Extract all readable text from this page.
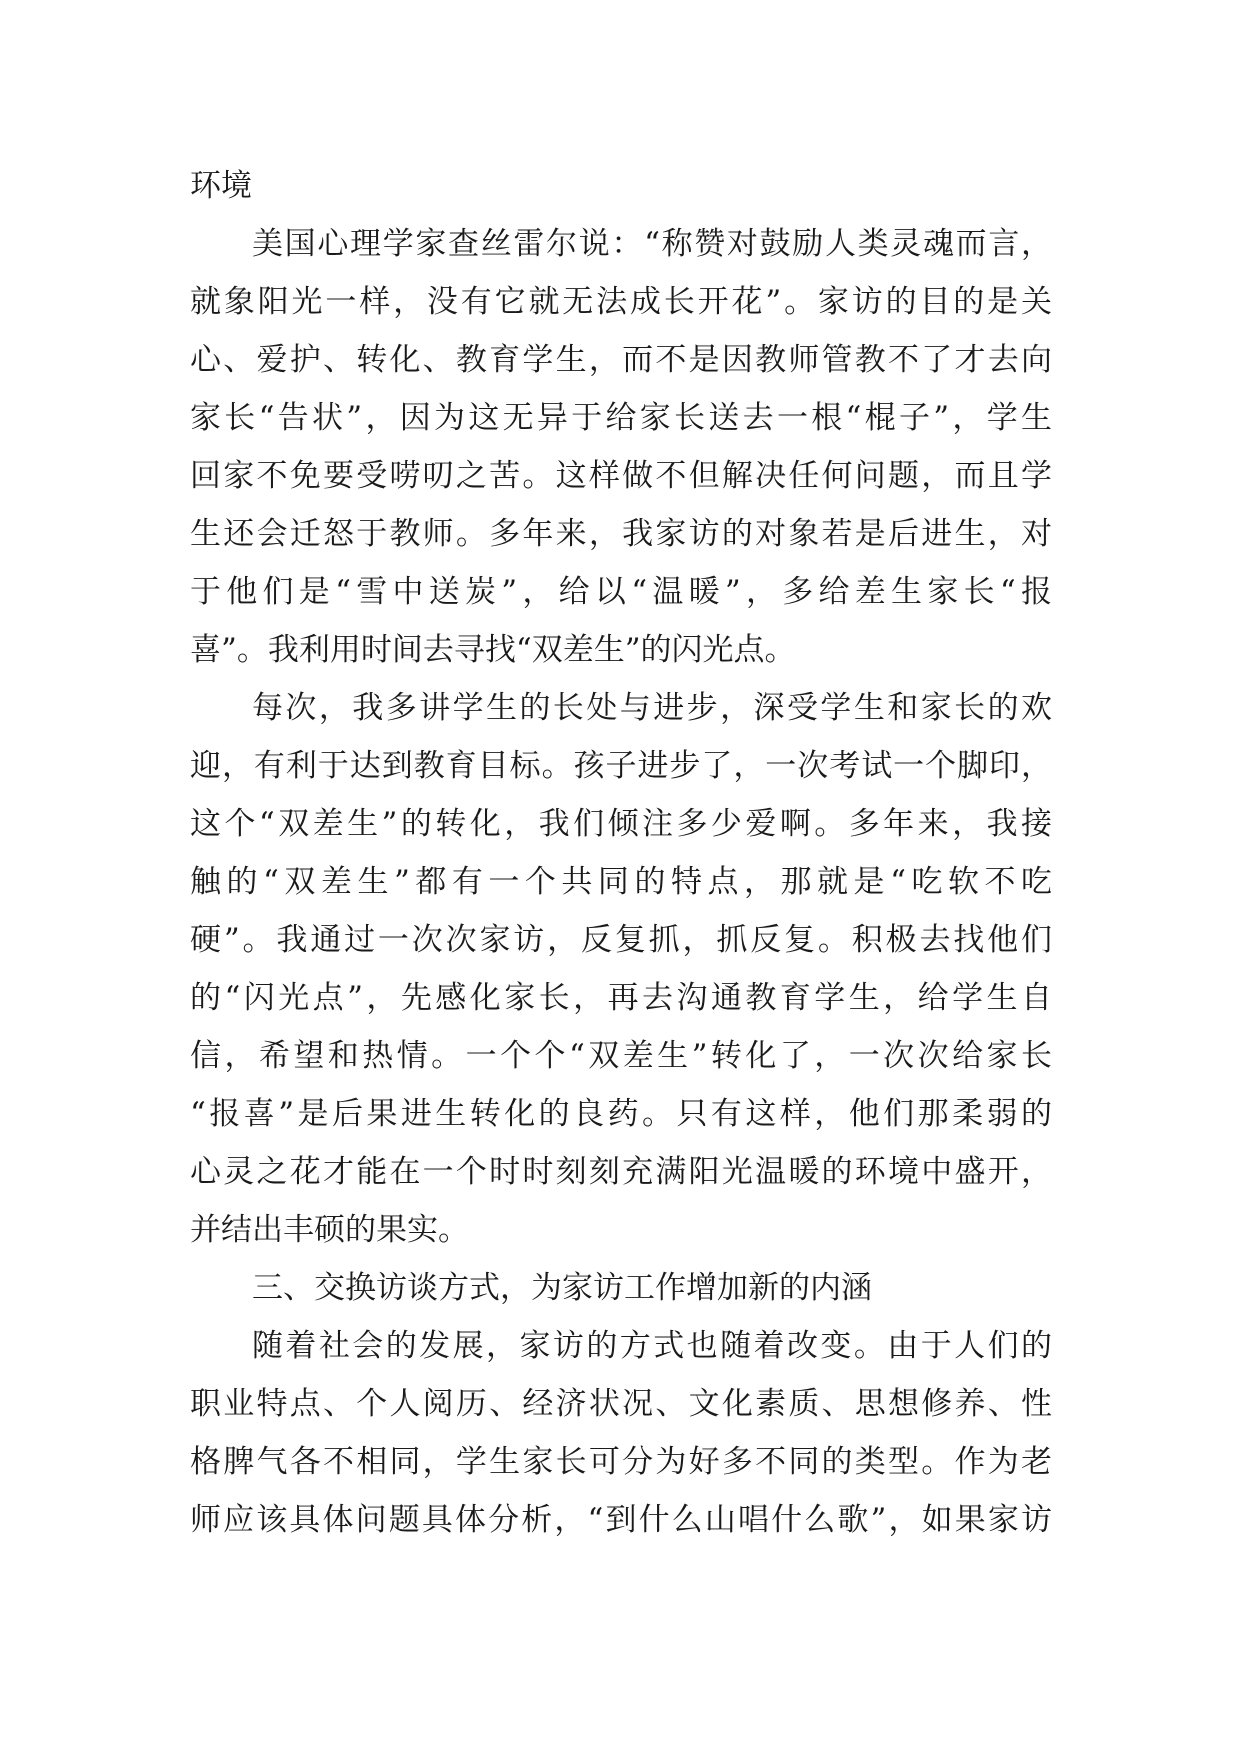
环境
美国心理学家查丝雷尔说：“称赞对鼓励人类灵魂而言，
就象阳光一样，没有它就无法成长开花”。家访的目的是关
心、爱护、转化、教育学生，而不是因教师管教不了才去向
家长“告状”，因为这无异于给家长送去一根“棍子”，学生
回家不免要受唠叨之苦。这样做不但解决任何问题，而且学
生还会迁怒于教师。多年来，我家访的对象若是后进生，对
于他们是“雪中送炭”，给以“温暖”，多给差生家长“报
喜”。我利用时间去寻找“双差生”的闪光点。
每次，我多讲学生的长处与进步，深受学生和家长的欢
迎，有利于达到教育目标。孩子进步了，一次考试一个脚印，
这个“双差生”的转化，我们倾注多少爱啊。多年来，我接
触的“双差生”都有一个共同的特点，那就是“吃软不吃
硬”。我通过一次次家访，反复抓，抓反复。积极去找他们
的“闪光点”，先感化家长，再去沟通教育学生，给学生自
信，希望和热情。一个个“双差生”转化了，一次次给家长
“报喜”是后果进生转化的良药。只有这样，他们那柔弱的
心灵之花才能在一个时时刻刻充满阳光温暖的环境中盛开，
并结出丰硕的果实。
三、交换访谈方式，为家访工作增加新的内涵
随着社会的发展，家访的方式也随着改变。由于人们的
职业特点、个人阅历、经济状况、文化素质、思想修养、性
格脾气各不相同，学生家长可分为好多不同的类型。作为老
师应该具体问题具体分析，“到什么山唱什么歌”，如果家访
